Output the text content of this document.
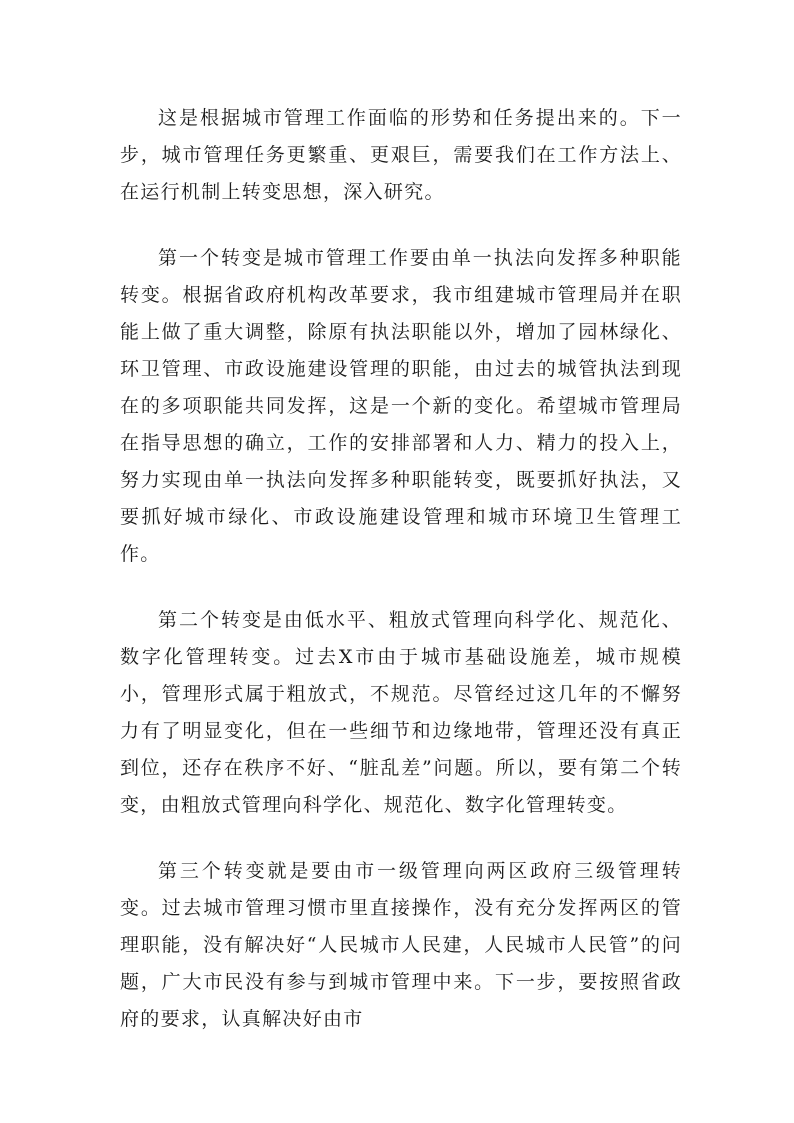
这是根据城市管理工作面临的形势和任务提出来的。下一步，城市管理任务更繁重、更艰巨，需要我们在工作方法上、在运行机制上转变思想，深入研究。

第一个转变是城市管理工作要由单一执法向发挥多种职能转变。根据省政府机构改革要求，我市组建城市管理局并在职能上做了重大调整，除原有执法职能以外，增加了园林绿化、环卫管理、市政设施建设管理的职能，由过去的城管执法到现在的多项职能共同发挥，这是一个新的变化。希望城市管理局在指导思想的确立，工作的安排部署和人力、精力的投入上，努力实现由单一执法向发挥多种职能转变，既要抓好执法，又要抓好城市绿化、市政设施建设管理和城市环境卫生管理工作。

第二个转变是由低水平、粗放式管理向科学化、规范化、数字化管理转变。过去X市由于城市基础设施差，城市规模小，管理形式属于粗放式，不规范。尽管经过这几年的不懈努力有了明显变化，但在一些细节和边缘地带，管理还没有真正到位，还存在秩序不好、“脏乱差”问题。所以，要有第二个转变，由粗放式管理向科学化、规范化、数字化管理转变。

第三个转变就是要由市一级管理向两区政府三级管理转变。过去城市管理习惯市里直接操作，没有充分发挥两区的管理职能，没有解决好“人民城市人民建，人民城市人民管”的问题，广大市民没有参与到城市管理中来。下一步，要按照省政府的要求，认真解决好由市
